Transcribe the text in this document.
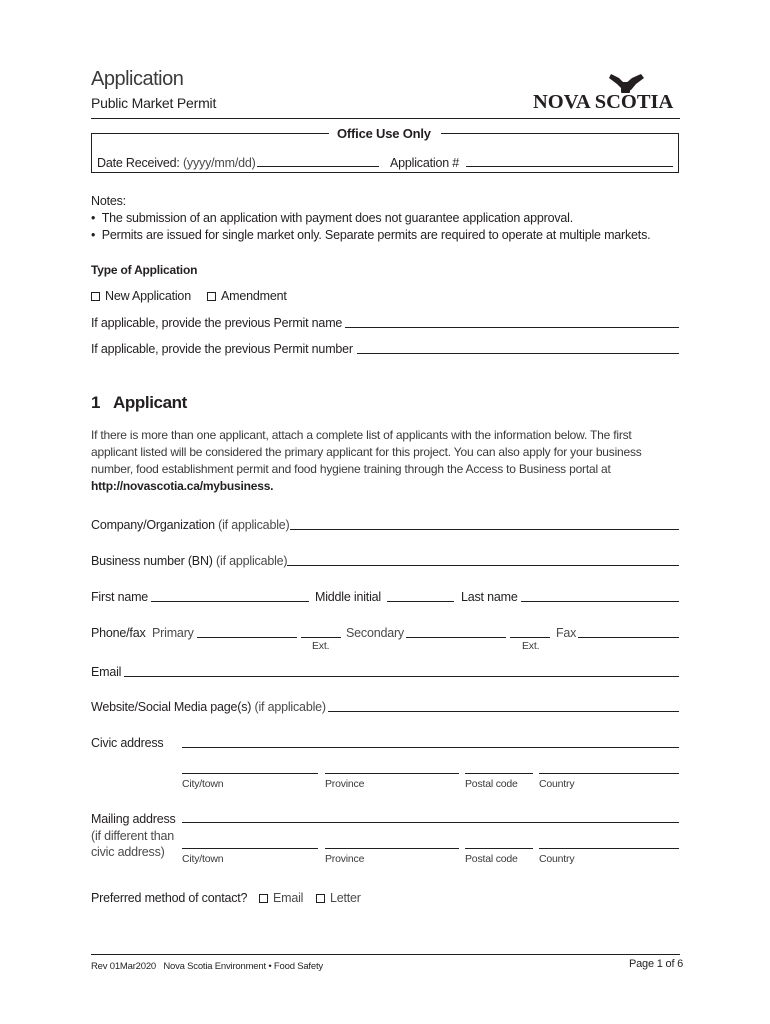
Application
Public Market Permit	NOVA SCOTIA
Office Use Only
Date Received: (yyyy/mm/dd)	Application #
Notes:
•  The submission of an application with payment does not guarantee application approval.
•  Permits are issued for single market only. Separate permits are required to operate at multiple markets.
Type of Application
New Application	Amendment
If applicable, provide the previous Permit name
If applicable, provide the previous Permit number
1 Applicant

If there is more than one applicant, attach a complete list of applicants with the information below. The first

applicant listed will be considered the primary applicant for this project. You can also apply for your business

number, food establishment permit and food hygiene training through the Access to Business portal at

http://novascotia.ca/mybusiness.

Company/Organization (if applicable)
Business number (BN) (if applicable)
First name	Middle initial	Last name
Phone/fax Primary
Ext.
Secondary
Ext.
Fax
Email
Website/Social Media page(s) (if applicable)
Civic address
City/town	Province	Postal code Country
Mailing address
(if different than
civic address) City/town	Province	Postal code Country
Preferred method of contact?	Email	Letter
Rev 01Mar2020 Nova Scotia Environment • Food Safety	Page 1 of 6
